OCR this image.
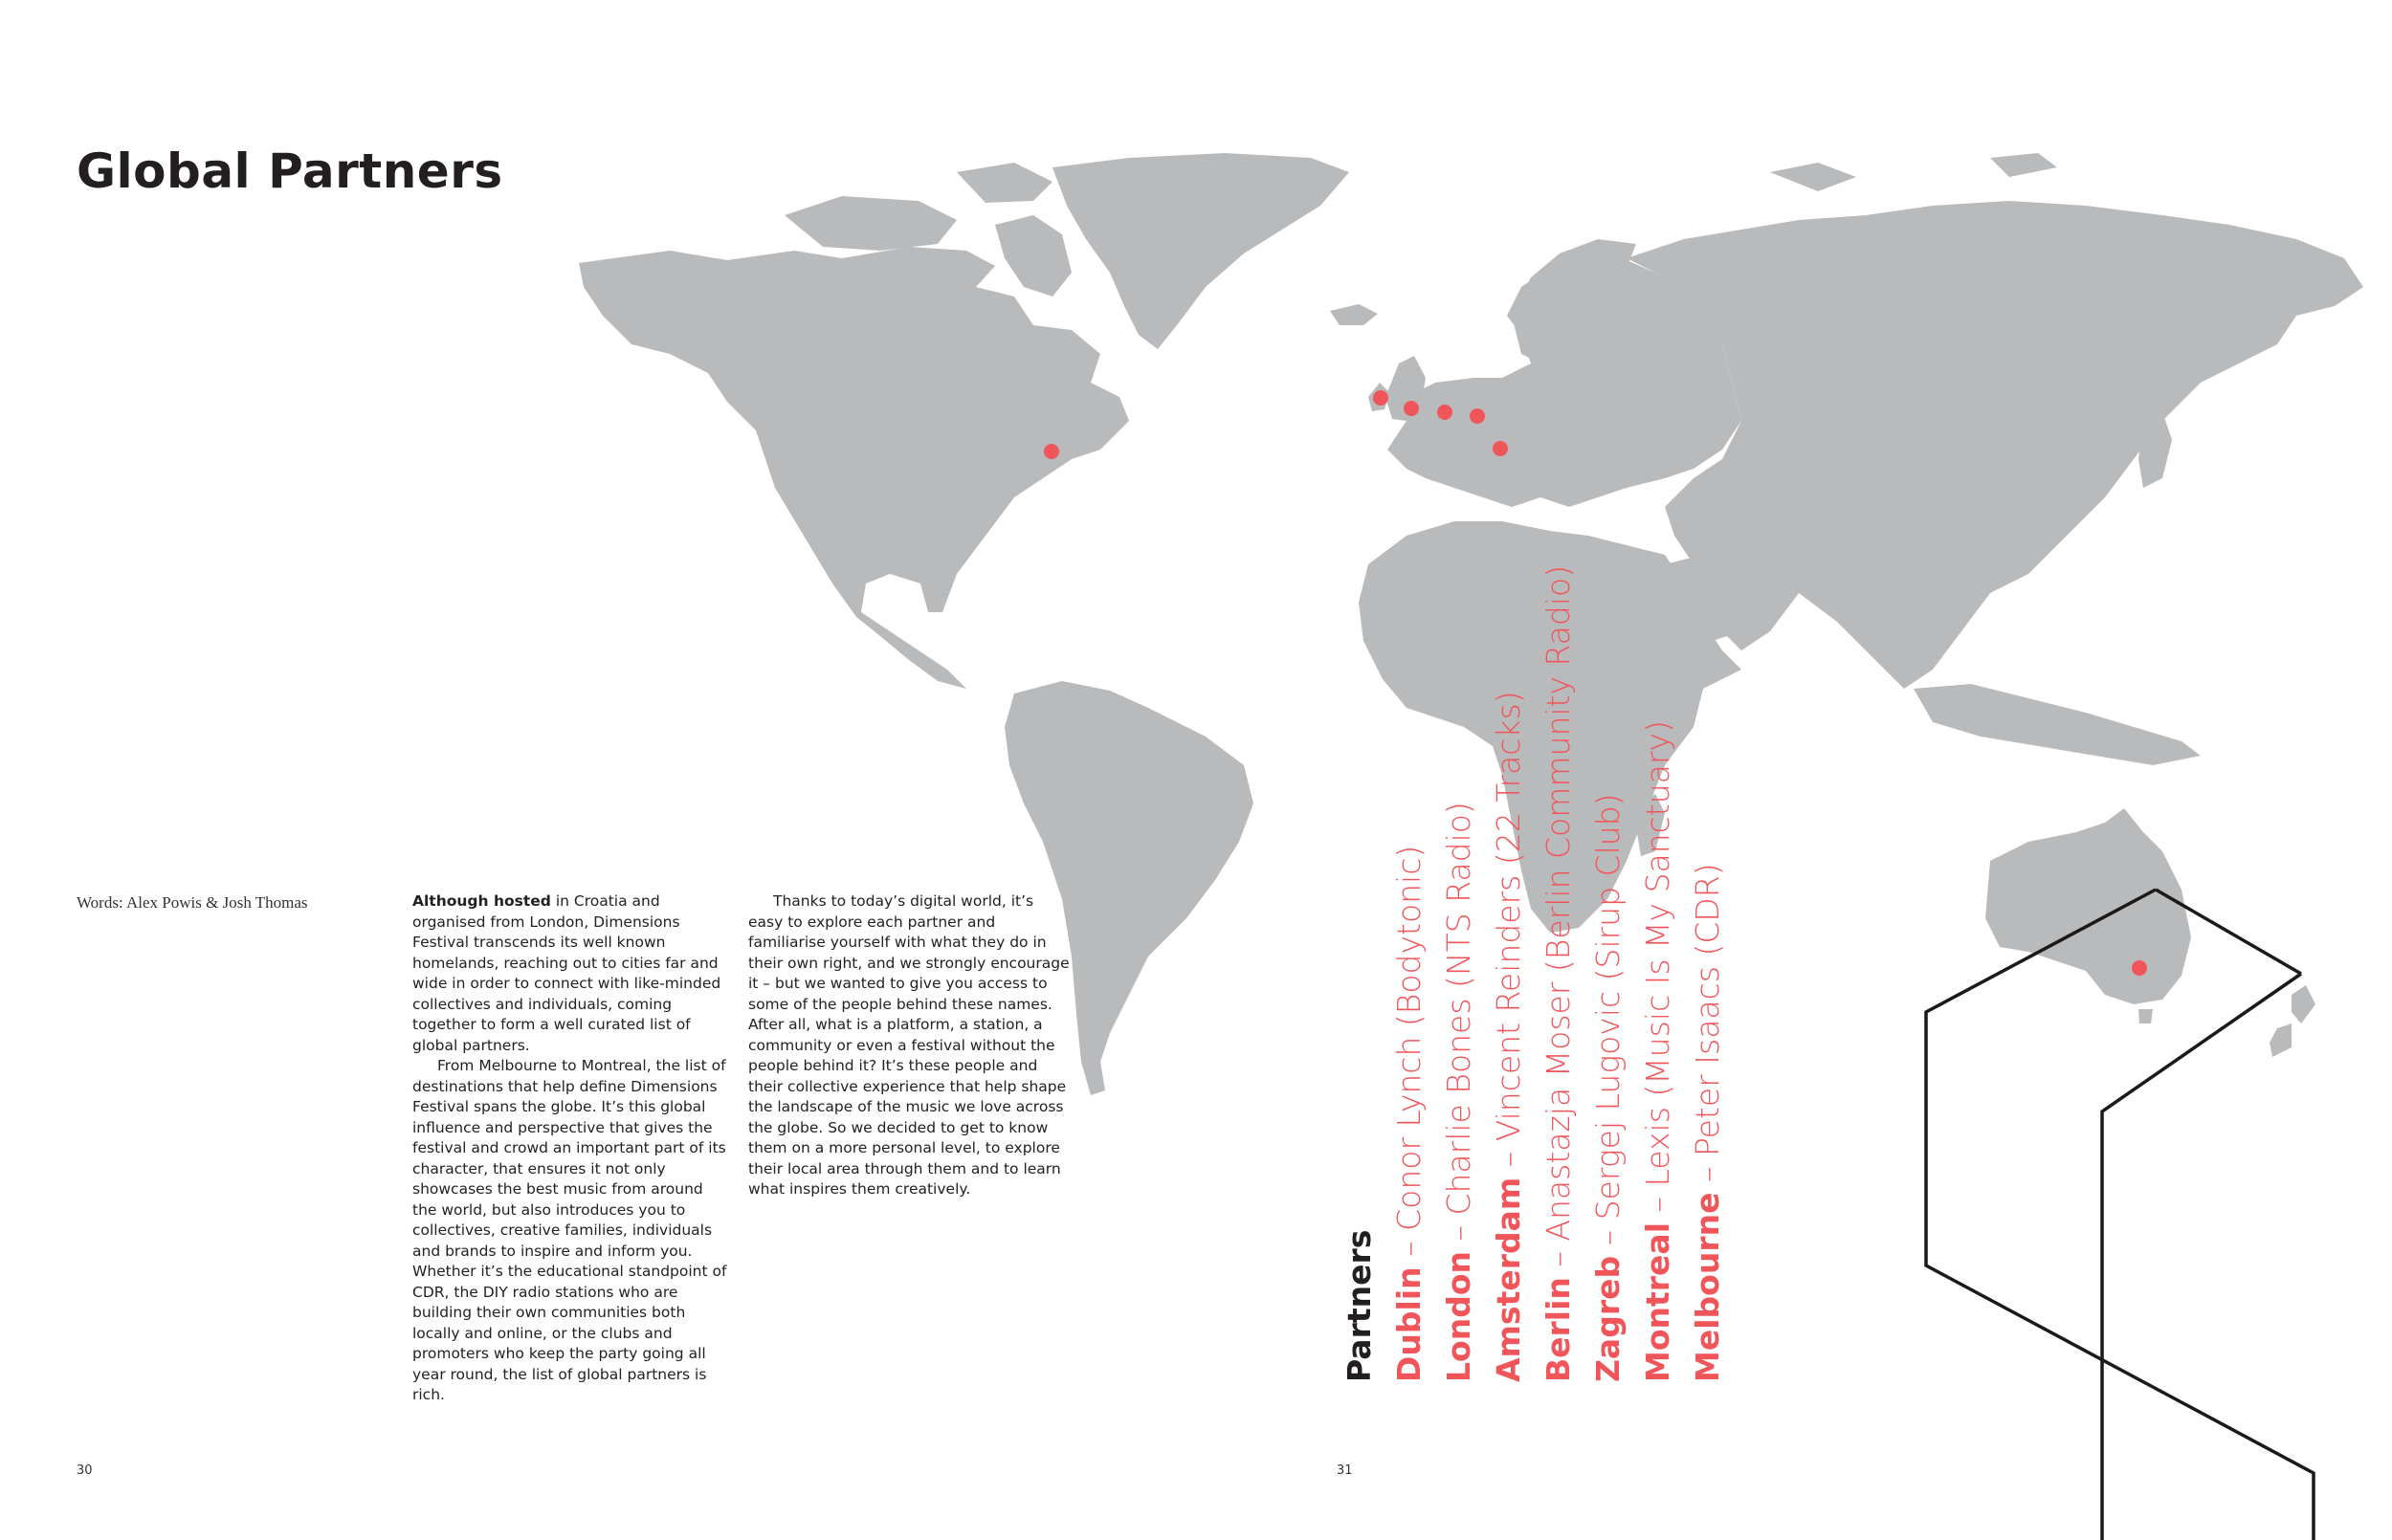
Global Partners
Words: Alex Powis & Josh Thomas	Although hosted in Croatia and organised from London, Dimensions Festival transcends its well known homelands, reaching out to cities far and wide in order to connect with like-minded collectives and individuals, coming together to form a well curated list of global partners.

From Melbourne to Montreal, the list of destinations that help define Dimensions Festival spans the globe. It’s this global influence and perspective that gives the festival and crowd an important part of its character, that ensures it not only showcases the best music from around the world, but also introduces you to collectives, creative families, individuals and brands to inspire and inform you. Whether it’s the educational standpoint of CDR, the DIY radio stations who are building their own communities both locally and online, or the clubs and promoters who keep the party going all year round, the list of global partners is rich.

Thanks to today’s digital world, it’s easy to explore each partner and familiarise yourself with what they do in their own right, and we strongly encourage it – but we wanted to give you access to some of the people behind these names. After all, what is a platform, a station, a community or even a festival without the people behind it? It’s these people and their collective experience that help shape the landscape of the music we love across the globe. So we decided to get to know them on a more personal level, to explore their local area through them and to learn what inspires them creatively.

30	31
Partners Dublin – Conor Lynch (Bodytonic)
London – Charlie Bones (NTS Radio)
Amsterdam – Vincent Reinders (22 Tracks)
Berlin – Anastazja Moser (Berlin Community Radio)
Zagreb – Sergej Lugovic (Sirup Club)
Montreal – Lexis (Music Is My Sanctuary)
Melbourne – Peter Isaacs (CDR)
